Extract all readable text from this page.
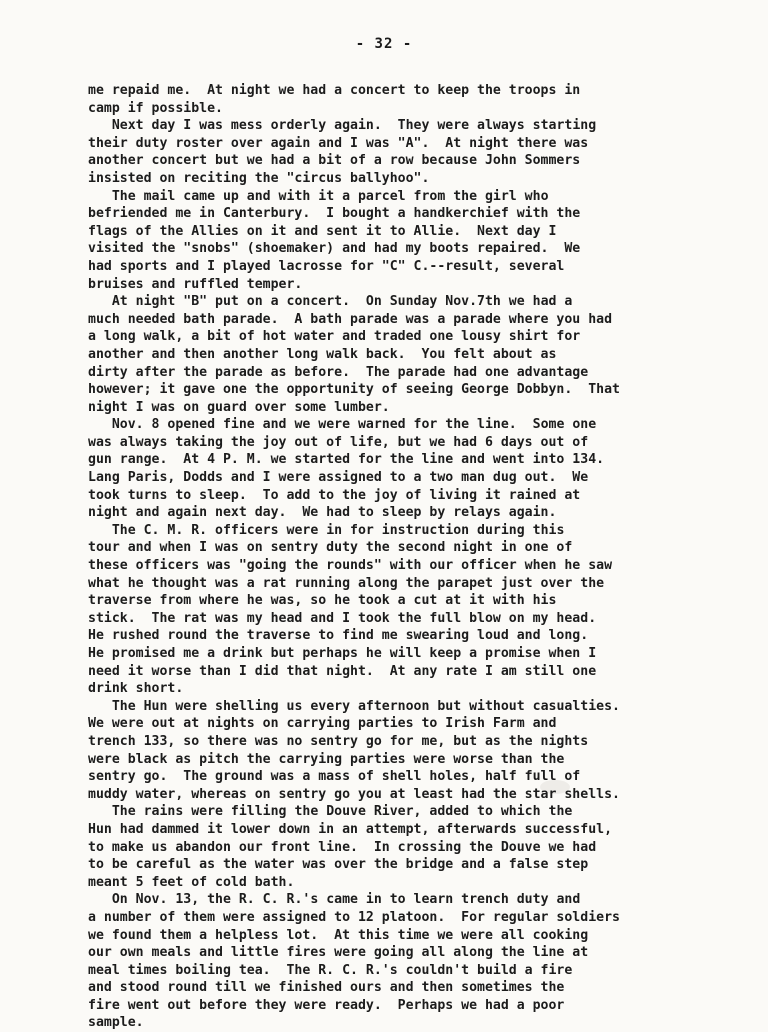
- 32 -

me repaid me.  At night we had a concert to keep the troops in
camp if possible.

Next day I was mess orderly again.  They were always starting
their duty roster over again and I was "A".  At night there was
another concert but we had a bit of a row because John Sommers
insisted on reciting the "circus ballyhoo".

The mail came up and with it a parcel from the girl who
befriended me in Canterbury.  I bought a handkerchief with the
flags of the Allies on it and sent it to Allie.  Next day I
visited the "snobs" (shoemaker) and had my boots repaired.  We
had sports and I played lacrosse for "C" C.--result, several
bruises and ruffled temper.

At night "B" put on a concert.  On Sunday Nov.7th we had a
much needed bath parade.  A bath parade was a parade where you had
a long walk, a bit of hot water and traded one lousy shirt for
another and then another long walk back.  You felt about as
dirty after the parade as before.  The parade had one advantage
however; it gave one the opportunity of seeing George Dobbyn.  That
night I was on guard over some lumber.

Nov. 8 opened fine and we were warned for the line.  Some one
was always taking the joy out of life, but we had 6 days out of
gun range.  At 4 P. M. we started for the line and went into 134.
Lang Paris, Dodds and I were assigned to a two man dug out.  We
took turns to sleep.  To add to the joy of living it rained at
night and again next day.  We had to sleep by relays again.

The C. M. R. officers were in for instruction during this
tour and when I was on sentry duty the second night in one of
these officers was "going the rounds" with our officer when he saw
what he thought was a rat running along the parapet just over the
traverse from where he was, so he took a cut at it with his
stick.  The rat was my head and I took the full blow on my head.
He rushed round the traverse to find me swearing loud and long.
He promised me a drink but perhaps he will keep a promise when I
need it worse than I did that night.  At any rate I am still one
drink short.

The Hun were shelling us every afternoon but without casualties.
We were out at nights on carrying parties to Irish Farm and
trench 133, so there was no sentry go for me, but as the nights
were black as pitch the carrying parties were worse than the
sentry go.  The ground was a mass of shell holes, half full of
muddy water, whereas on sentry go you at least had the star shells.

The rains were filling the Douve River, added to which the
Hun had dammed it lower down in an attempt, afterwards successful,
to make us abandon our front line.  In crossing the Douve we had
to be careful as the water was over the bridge and a false step
meant 5 feet of cold bath.

On Nov. 13, the R. C. R.'s came in to learn trench duty and
a number of them were assigned to 12 platoon.  For regular soldiers
we found them a helpless lot.  At this time we were all cooking
our own meals and little fires were going all along the line at
meal times boiling tea.  The R. C. R.'s couldn't build a fire
and stood round till we finished ours and then sometimes the
fire went out before they were ready.  Perhaps we had a poor
sample.
